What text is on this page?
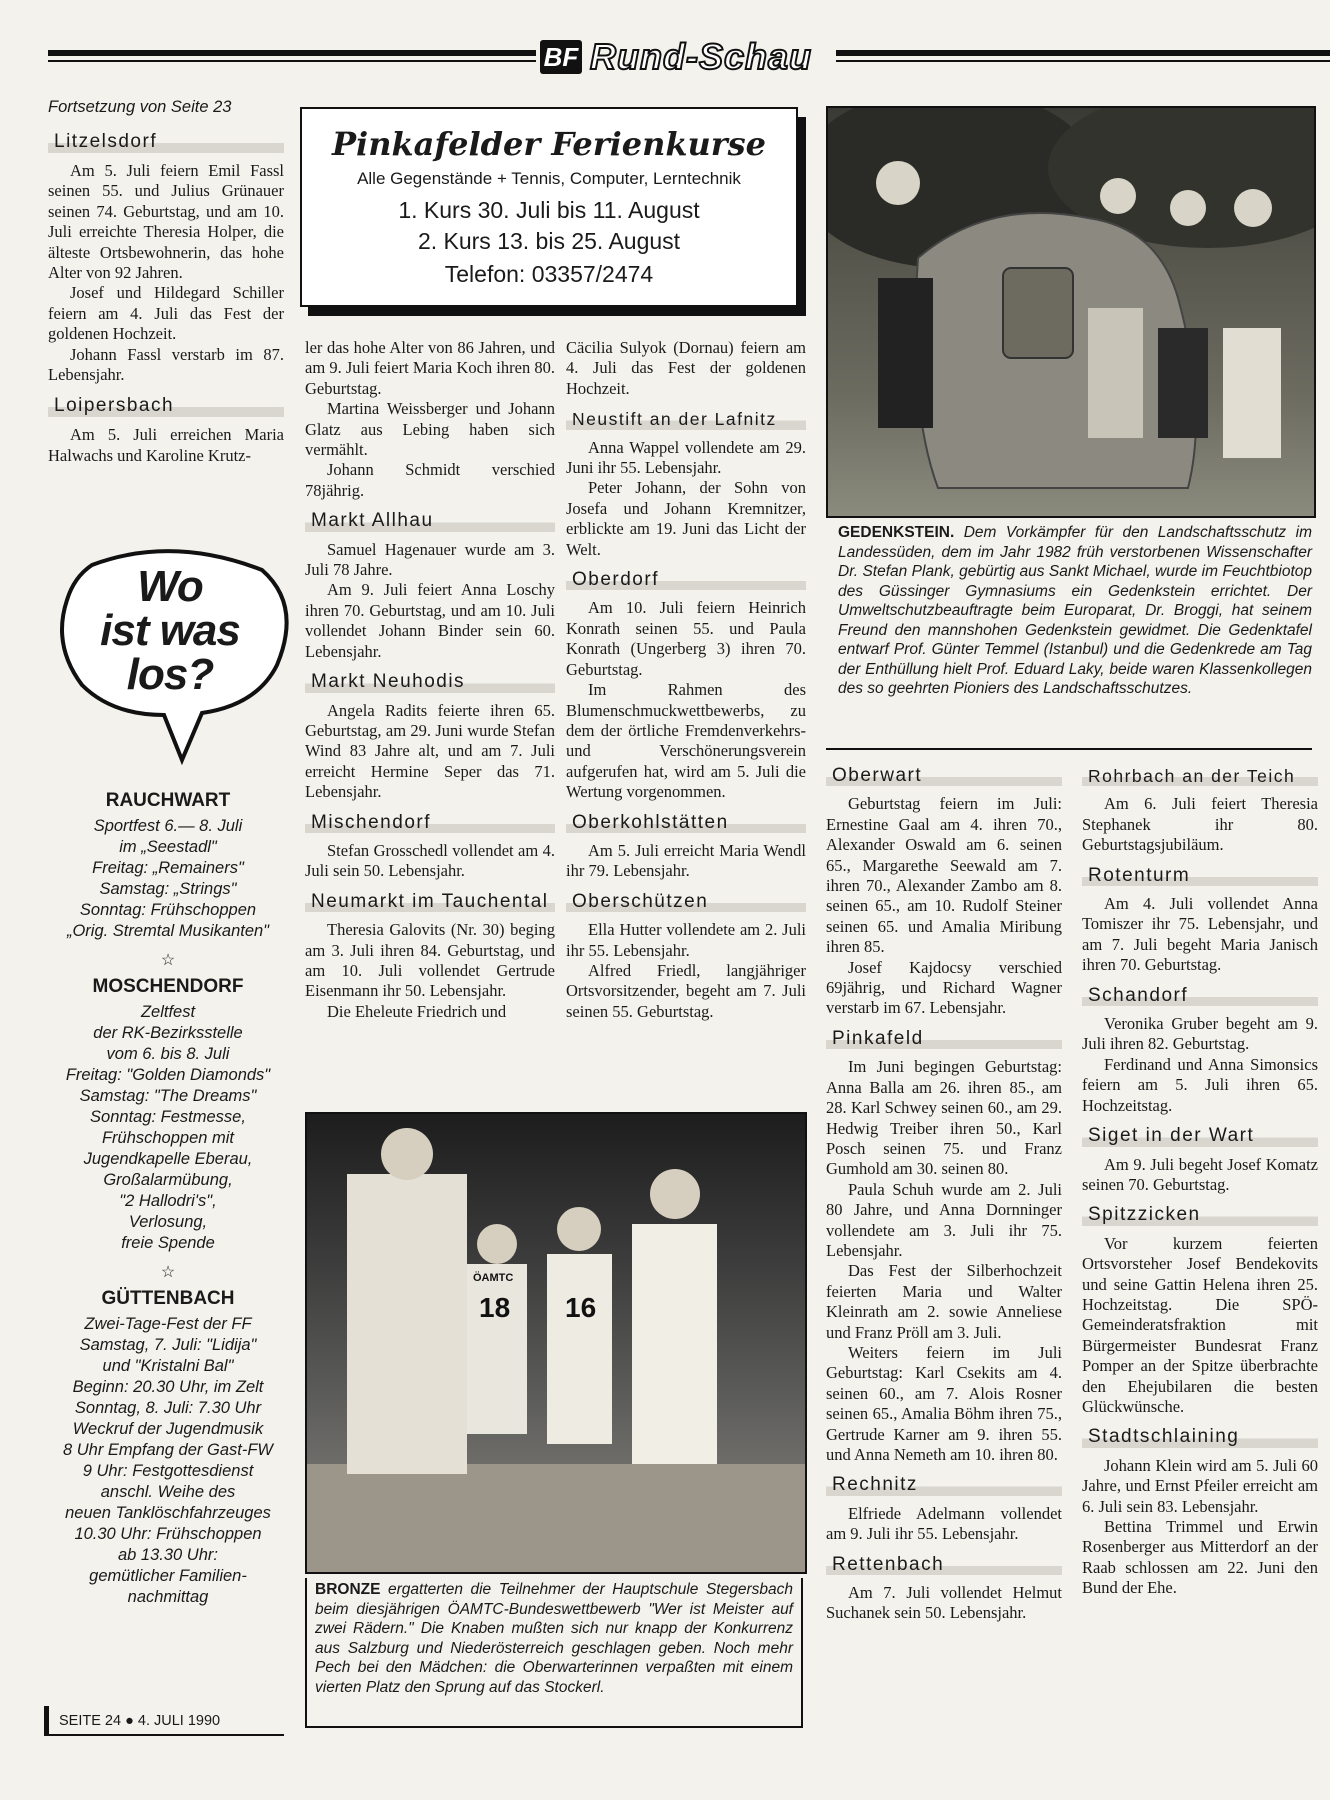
BF Rund-Schau
Fortsetzung von Seite 23
Litzelsdorf

Am 5. Juli feiern Emil Fassl seinen 55. und Julius Grünauer seinen 74. Geburtstag, und am 10. Juli erreichte Theresia Holper, die älteste Ortsbewohnerin, das hohe Alter von 92 Jahren.

Josef und Hildegard Schiller feiern am 4. Juli das Fest der goldenen Hochzeit.

Johann Fassl verstarb im 87. Lebensjahr.

Loipersbach

Am 5. Juli erreichen Maria Halwachs und Karoline Krutz-

Wo
ist was
los?
RAUCHWART
Sportfest 6.— 8. Juli
im „Seestadl"
Freitag: „Remainers"
Samstag: „Strings"
Sonntag: Frühschoppen
„Orig. Stremtal Musikanten"
☆
MOSCHENDORF
Zeltfest
der RK-Bezirksstelle
vom 6. bis 8. Juli
Freitag: "Golden Diamonds"
Samstag: "The Dreams"
Sonntag: Festmesse,
Frühschoppen mit
Jugendkapelle Eberau,
Großalarmübung,
"2 Hallodri's",
Verlosung,
freie Spende
☆
GÜTTENBACH
Zwei-Tage-Fest der FF
Samstag, 7. Juli: "Lidija"
und "Kristalni Bal"
Beginn: 20.30 Uhr, im Zelt
Sonntag, 8. Juli: 7.30 Uhr
Weckruf der Jugendmusik
8 Uhr Empfang der Gast-FW
9 Uhr: Festgottesdienst
anschl. Weihe des
neuen Tanklöschfahrzeuges
10.30 Uhr: Frühschoppen
ab 13.30 Uhr:
gemütlicher Familien-
nachmittag
SEITE 24 ● 4. JULI 1990
Pinkafelder Ferienkurse
Alle Gegenstände + Tennis, Computer, Lerntechnik
1. Kurs 30. Juli bis 11. August
2. Kurs 13. bis 25. August
Telefon: 03357/2474

ler das hohe Alter von 86 Jahren, und am 9. Juli feiert Maria Koch ihren 80. Geburtstag.

Martina Weissberger und Johann Glatz aus Lebing haben sich vermählt.

Johann Schmidt verschied 78jährig.

Markt Allhau

Samuel Hagenauer wurde am 3. Juli 78 Jahre.

Am 9. Juli feiert Anna Loschy ihren 70. Geburtstag, und am 10. Juli vollendet Johann Binder sein 60. Lebensjahr.

Markt Neuhodis

Angela Radits feierte ihren 65. Geburtstag, am 29. Juni wurde Stefan Wind 83 Jahre alt, und am 7. Juli erreicht Hermine Seper das 71. Lebensjahr.

Mischendorf

Stefan Grosschedl vollendet am 4. Juli sein 50. Lebensjahr.

Neumarkt im Tauchental

Theresia Galovits (Nr. 30) beging am 3. Juli ihren 84. Geburtstag, und am 10. Juli vollendet Gertrude Eisenmann ihr 50. Lebensjahr.

Die Eheleute Friedrich und

Cäcilia Sulyok (Dornau) feiern am 4. Juli das Fest der goldenen Hochzeit.

Neustift an der Lafnitz

Anna Wappel vollendete am 29. Juni ihr 55. Lebensjahr.

Peter Johann, der Sohn von Josefa und Johann Kremnitzer, erblickte am 19. Juni das Licht der Welt.

Oberdorf

Am 10. Juli feiern Heinrich Konrath seinen 55. und Paula Konrath (Ungerberg 3) ihren 70. Geburtstag.

Im Rahmen des Blumenschmuckwettbewerbs, zu dem der örtliche Fremdenverkehrs- und Verschönerungsverein aufgerufen hat, wird am 5. Juli die Wertung vorgenommen.

Oberkohlstätten

Am 5. Juli erreicht Maria Wendl ihr 79. Lebensjahr.

Oberschützen

Ella Hutter vollendete am 2. Juli ihr 55. Lebensjahr.

Alfred Friedl, langjähriger Ortsvorsitzender, begeht am 7. Juli seinen 55. Geburtstag.

GEDENKSTEIN. Dem Vorkämpfer für den Landschaftsschutz im Landessüden, dem im Jahr 1982 früh verstorbenen Wissenschafter Dr. Stefan Plank, gebürtig aus Sankt Michael, wurde im Feuchtbiotop des Güssinger Gymnasiums ein Gedenkstein errichtet. Der Umweltschutzbeauftragte beim Europarat, Dr. Broggi, hat seinem Freund den mannshohen Gedenkstein gewidmet. Die Gedenktafel entwarf Prof. Günter Temmel (Istanbul) und die Gedenkrede am Tag der Enthüllung hielt Prof. Eduard Laky, beide waren Klassenkollegen des so geehrten Pioniers des Landschaftsschutzes.
18 16
ÖAMTC
BRONZE ergatterten die Teilnehmer der Hauptschule Stegersbach beim diesjährigen ÖAMTC-Bundeswettbewerb "Wer ist Meister auf zwei Rädern." Die Knaben mußten sich nur knapp der Konkurrenz aus Salzburg und Niederösterreich geschlagen geben. Noch mehr Pech bei den Mädchen: die Oberwarterinnen verpaßten mit einem vierten Platz den Sprung auf das Stockerl.
Oberwart

Geburtstag feiern im Juli: Ernestine Gaal am 4. ihren 70., Alexander Oswald am 6. seinen 65., Margarethe Seewald am 7. ihren 70., Alexander Zambo am 8. seinen 65., am 10. Rudolf Steiner seinen 65. und Amalia Miribung ihren 85.

Josef Kajdocsy verschied 69jährig, und Richard Wagner verstarb im 67. Lebensjahr.

Pinkafeld

Im Juni begingen Geburtstag: Anna Balla am 26. ihren 85., am 28. Karl Schwey seinen 60., am 29. Hedwig Treiber ihren 50., Karl Posch seinen 75. und Franz Gumhold am 30. seinen 80.

Paula Schuh wurde am 2. Juli 80 Jahre, und Anna Dornninger vollendete am 3. Juli ihr 75. Lebensjahr.

Das Fest der Silberhochzeit feierten Maria und Walter Kleinrath am 2. sowie Anneliese und Franz Pröll am 3. Juli.

Weiters feiern im Juli Geburtstag: Karl Csekits am 4. seinen 60., am 7. Alois Rosner seinen 65., Amalia Böhm ihren 75., Gertrude Karner am 9. ihren 55. und Anna Nemeth am 10. ihren 80.

Rechnitz

Elfriede Adelmann vollendet am 9. Juli ihr 55. Lebensjahr.

Rettenbach

Am 7. Juli vollendet Helmut Suchanek sein 50. Lebensjahr.

Rohrbach an der Teich

Am 6. Juli feiert Theresia Stephanek ihr 80. Geburtstagsjubiläum.

Rotenturm

Am 4. Juli vollendet Anna Tomiszer ihr 75. Lebensjahr, und am 7. Juli begeht Maria Janisch ihren 70. Geburtstag.

Schandorf

Veronika Gruber begeht am 9. Juli ihren 82. Geburtstag.

Ferdinand und Anna Simonsics feiern am 5. Juli ihren 65. Hochzeitstag.

Siget in der Wart

Am 9. Juli begeht Josef Komatz seinen 70. Geburtstag.

Spitzzicken

Vor kurzem feierten Ortsvorsteher Josef Bendekovits und seine Gattin Helena ihren 25. Hochzeitstag. Die SPÖ-Gemeinderatsfraktion mit Bürgermeister Bundesrat Franz Pomper an der Spitze überbrachte den Ehejubilaren die besten Glückwünsche.

Stadtschlaining

Johann Klein wird am 5. Juli 60 Jahre, und Ernst Pfeiler erreicht am 6. Juli sein 83. Lebensjahr.

Bettina Trimmel und Erwin Rosenberger aus Mitterdorf an der Raab schlossen am 22. Juni den Bund der Ehe.
